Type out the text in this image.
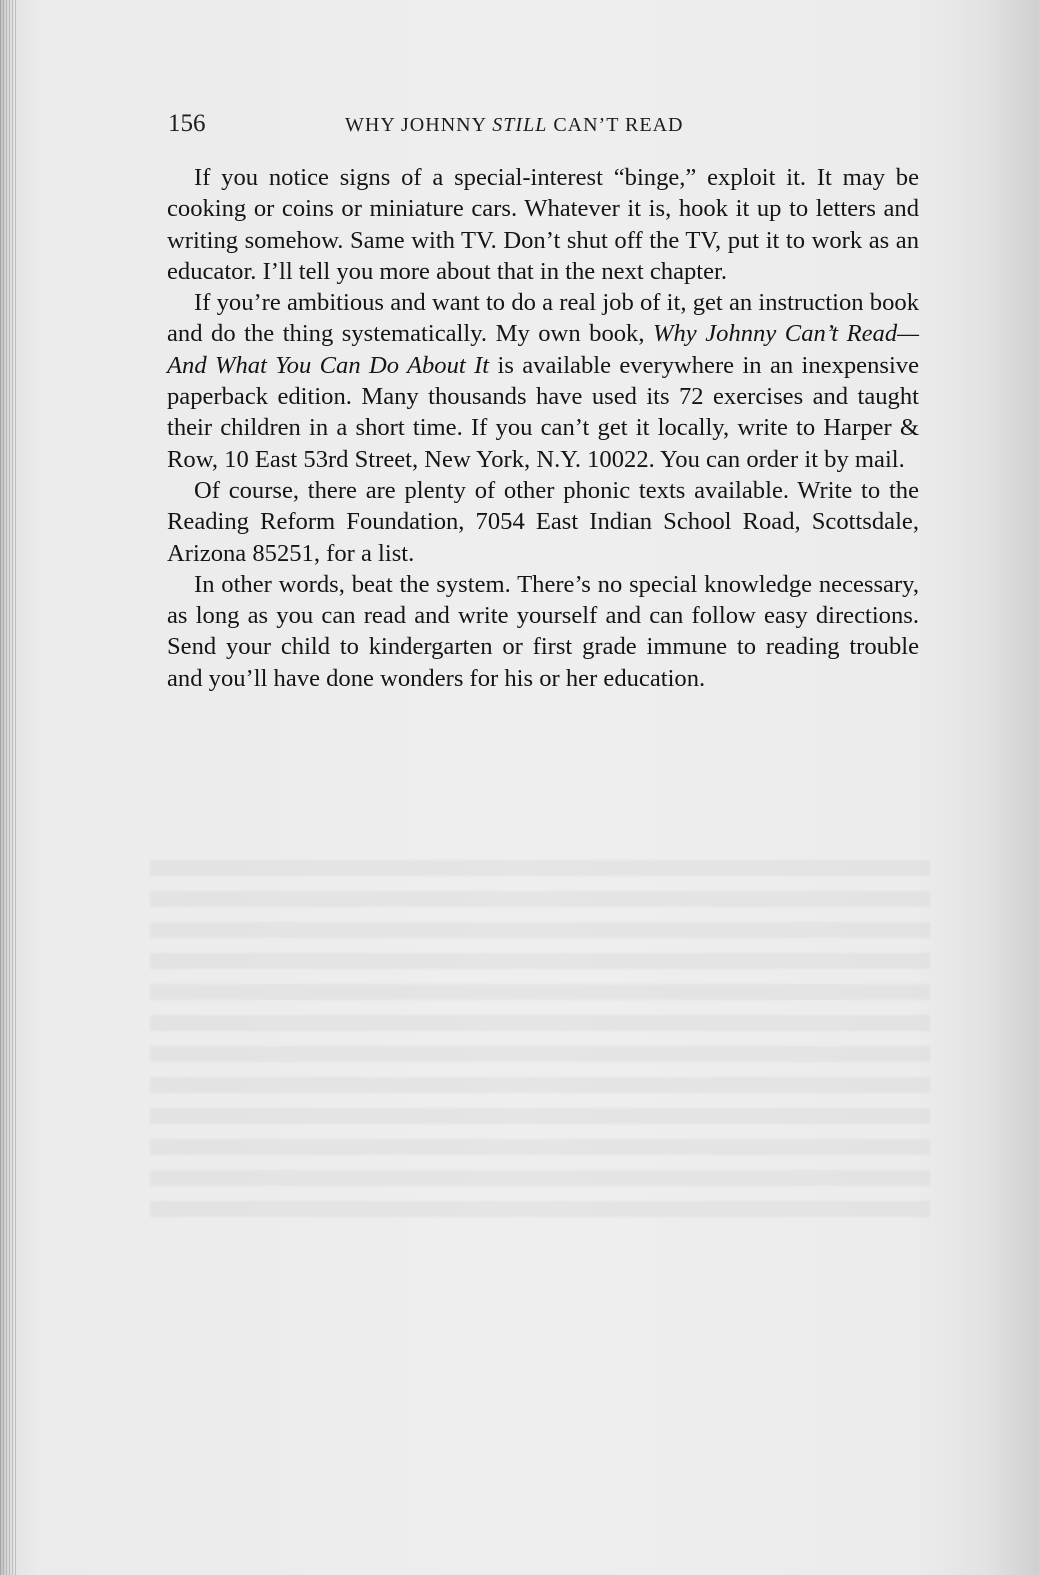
156	WHY JOHNNY STILL CAN’T READ

If you notice signs of a special-interest “binge,” exploit it. It may be cooking or coins or miniature cars. Whatever it is, hook it up to letters and writing somehow. Same with TV. Don’t shut off the TV, put it to work as an educator. I’ll tell you more about that in the next chapter.

If you’re ambitious and want to do a real job of it, get an instruction book and do the thing systematically. My own book, Why Johnny Can’t Read—And What You Can Do About It is available everywhere in an inexpensive paperback edition. Many thousands have used its 72 exercises and taught their children in a short time. If you can’t get it locally, write to Harper & Row, 10 East 53rd Street, New York, N.Y. 10022. You can order it by mail.

Of course, there are plenty of other phonic texts available. Write to the Reading Reform Foundation, 7054 East Indian School Road, Scottsdale, Arizona 85251, for a list.

In other words, beat the system. There’s no special knowledge necessary, as long as you can read and write yourself and can follow easy directions. Send your child to kindergarten or first grade immune to reading trouble and you’ll have done wonders for his or her education.
